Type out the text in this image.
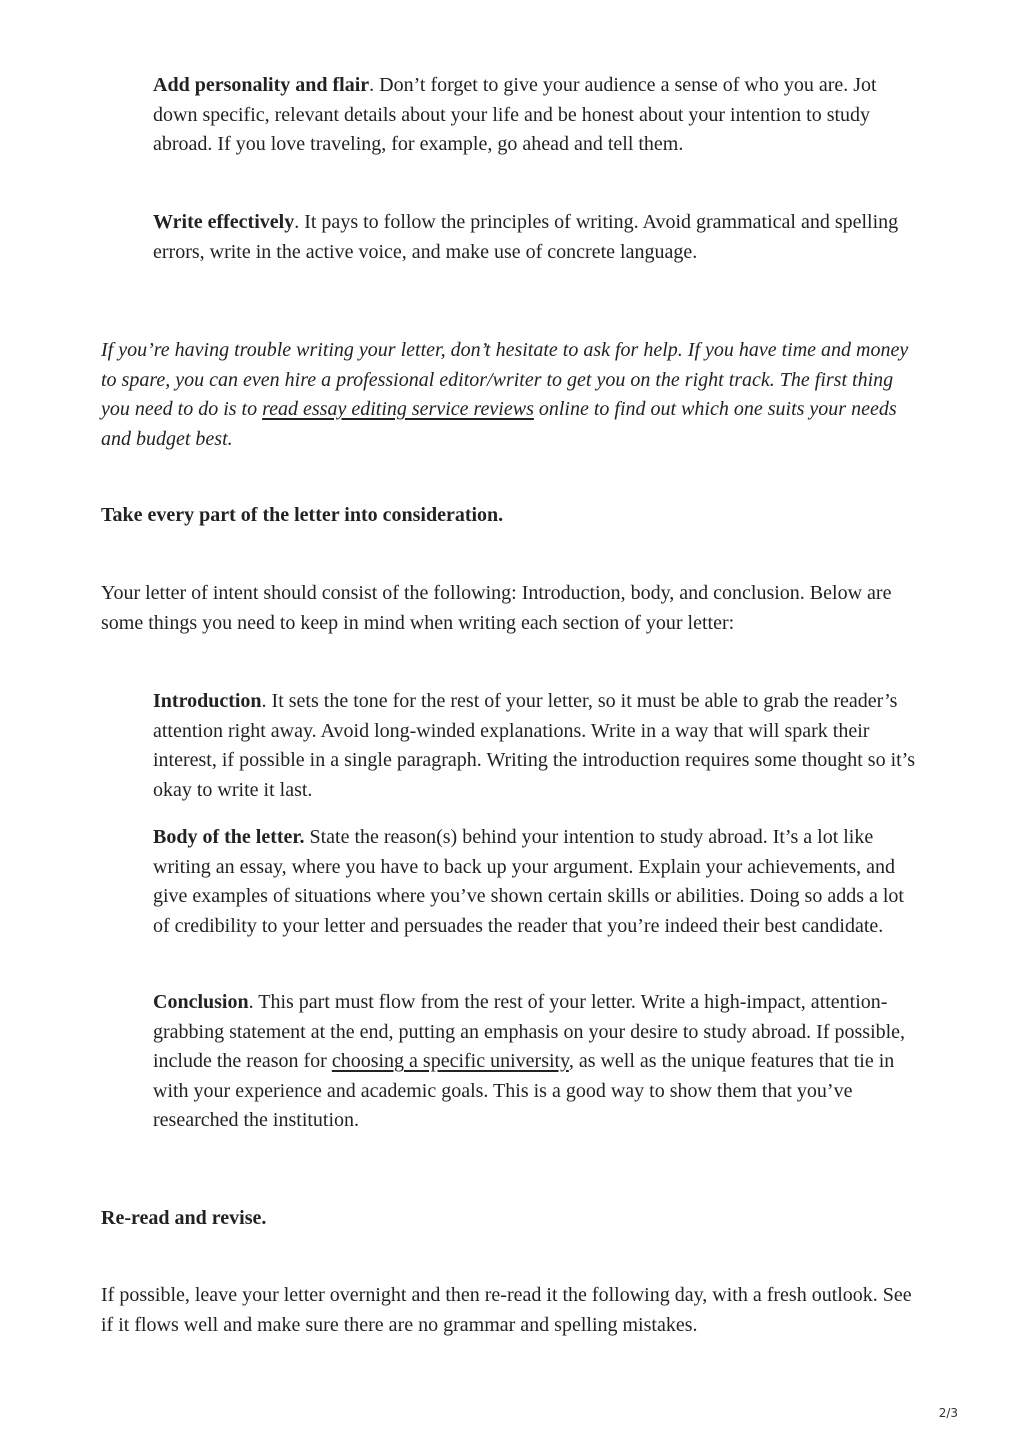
Add personality and flair. Don’t forget to give your audience a sense of who you are. Jot down specific, relevant details about your life and be honest about your intention to study abroad. If you love traveling, for example, go ahead and tell them.

Write effectively. It pays to follow the principles of writing. Avoid grammatical and spelling errors, write in the active voice, and make use of concrete language.

If you’re having trouble writing your letter, don’t hesitate to ask for help. If you have time and money to spare, you can even hire a professional editor/writer to get you on the right track. The first thing you need to do is to read essay editing service reviews online to find out which one suits your needs and budget best.

Take every part of the letter into consideration.

Your letter of intent should consist of the following: Introduction, body, and conclusion. Below are some things you need to keep in mind when writing each section of your letter:

Introduction. It sets the tone for the rest of your letter, so it must be able to grab the reader’s attention right away. Avoid long-winded explanations. Write in a way that will spark their interest, if possible in a single paragraph. Writing the introduction requires some thought so it’s okay to write it last.

Body of the letter. State the reason(s) behind your intention to study abroad. It’s a lot like writing an essay, where you have to back up your argument. Explain your achievements, and give examples of situations where you’ve shown certain skills or abilities. Doing so adds a lot of credibility to your letter and persuades the reader that you’re indeed their best candidate.

Conclusion. This part must flow from the rest of your letter. Write a high-impact, attention-grabbing statement at the end, putting an emphasis on your desire to study abroad. If possible, include the reason for choosing a specific university, as well as the unique features that tie in with your experience and academic goals. This is a good way to show them that you’ve researched the institution.

Re-read and revise.

If possible, leave your letter overnight and then re-read it the following day, with a fresh outlook. See if it flows well and make sure there are no grammar and spelling mistakes.

2/3
